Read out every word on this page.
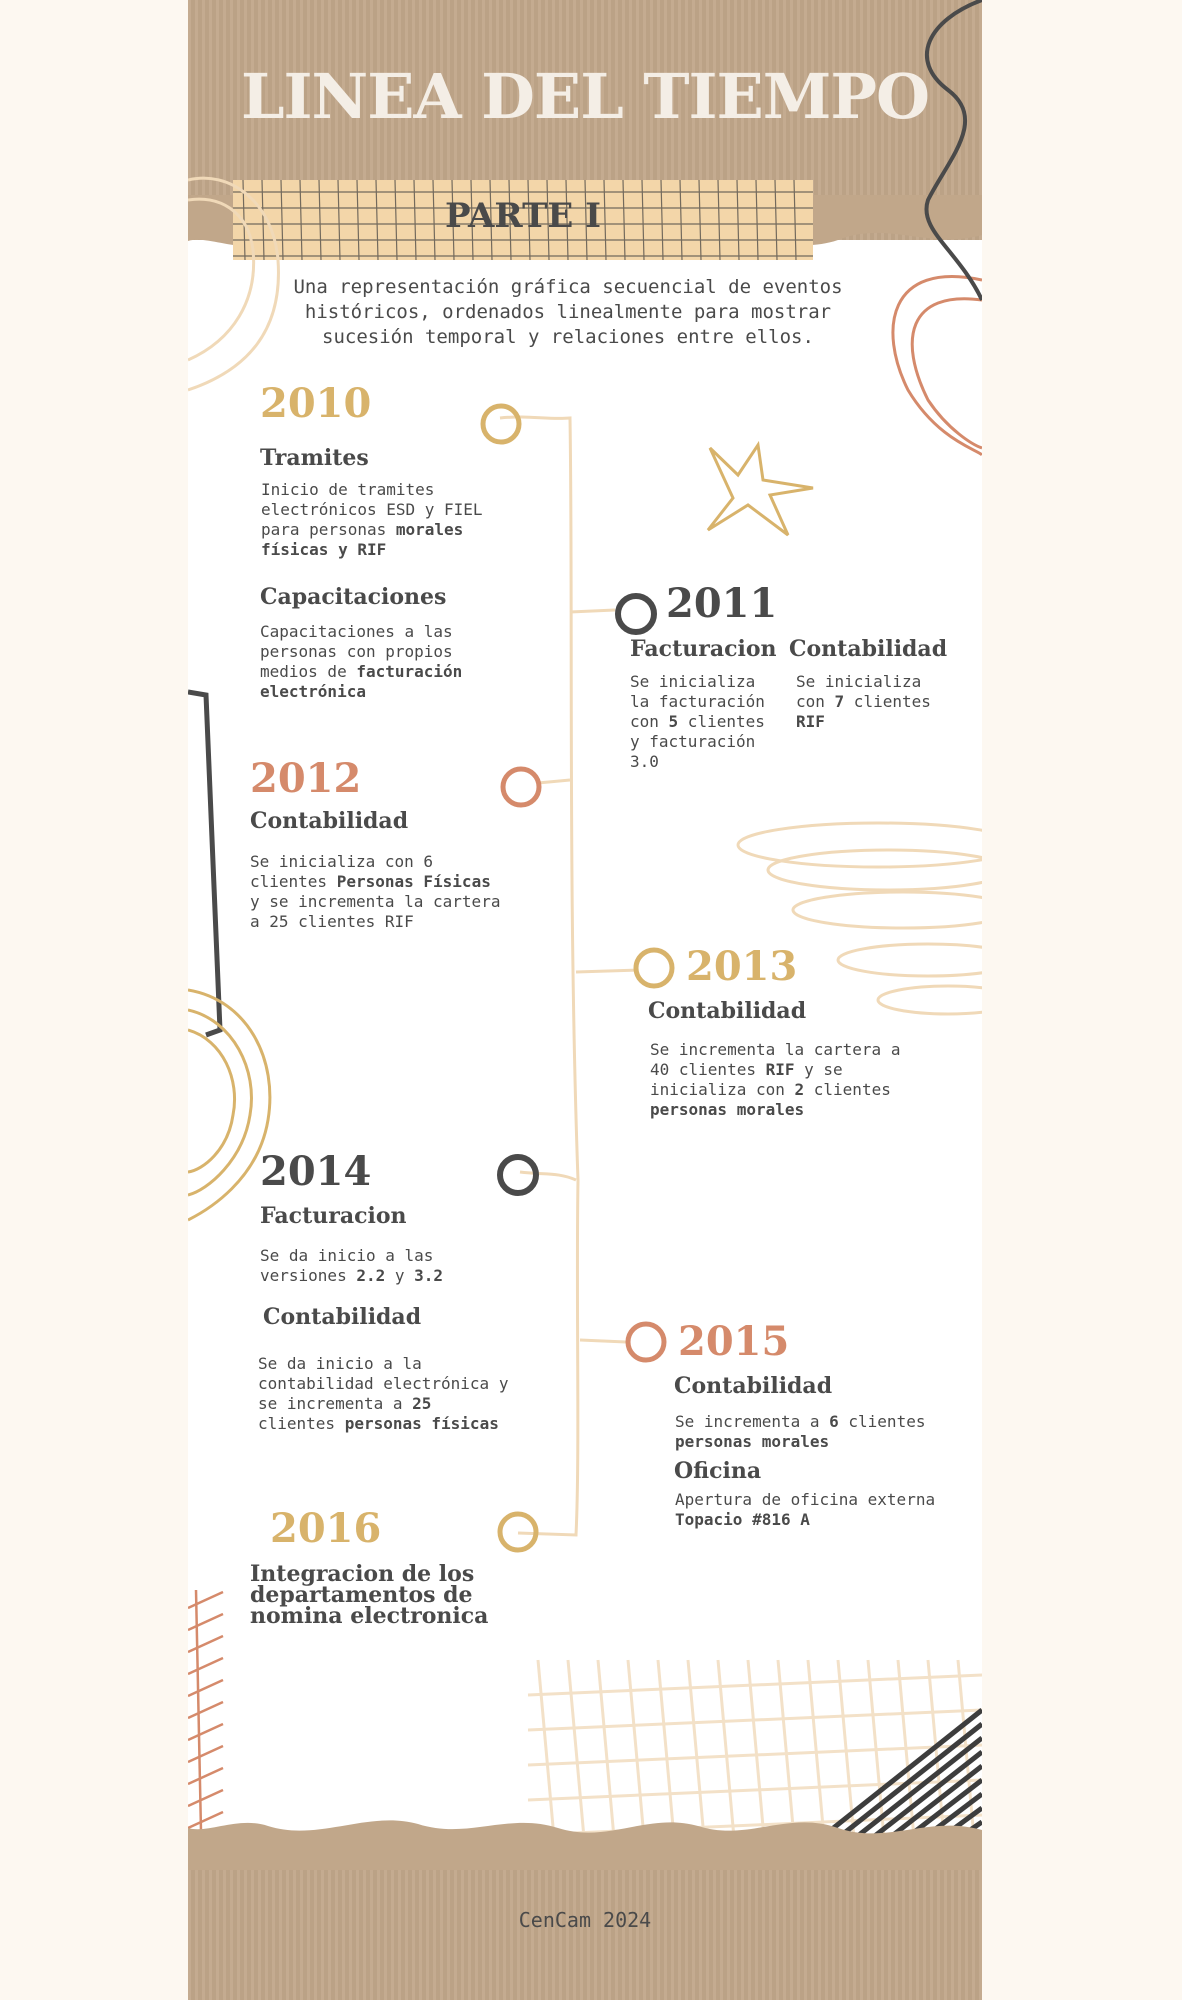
LINEA DEL TIEMPO
PARTE I
Una representación gráfica secuencial de eventos históricos, ordenados linealmente para mostrar sucesión temporal y relaciones entre ellos.
2010
Tramites
Inicio de tramites electrónicos ESD y FIEL para personas morales físicas y RIF
Capacitaciones
Capacitaciones a las personas con propios medios de facturación electrónica
2011
Facturacion
Se inicializa la facturación con 5 clientes y facturación 3.0
Contabilidad
Se inicializa con 7 clientes RIF
2012
Contabilidad
Se inicializa con 6 clientes Personas Físicas y se incrementa la cartera a 25 clientes RIF
2013
Contabilidad
Se incrementa la cartera a 40 clientes RIF y se inicializa con 2 clientes personas morales
2014
Facturacion
Se da inicio a las versiones 2.2 y 3.2
Contabilidad
Se da inicio a la contabilidad electrónica y se incrementa a 25 clientes personas físicas
2015
Contabilidad
Se incrementa a 6 clientes personas morales
Oficina
Apertura de oficina externa Topacio #816 A
2016
Integracion de los departamentos de nomina electronica
CenCam 2024
